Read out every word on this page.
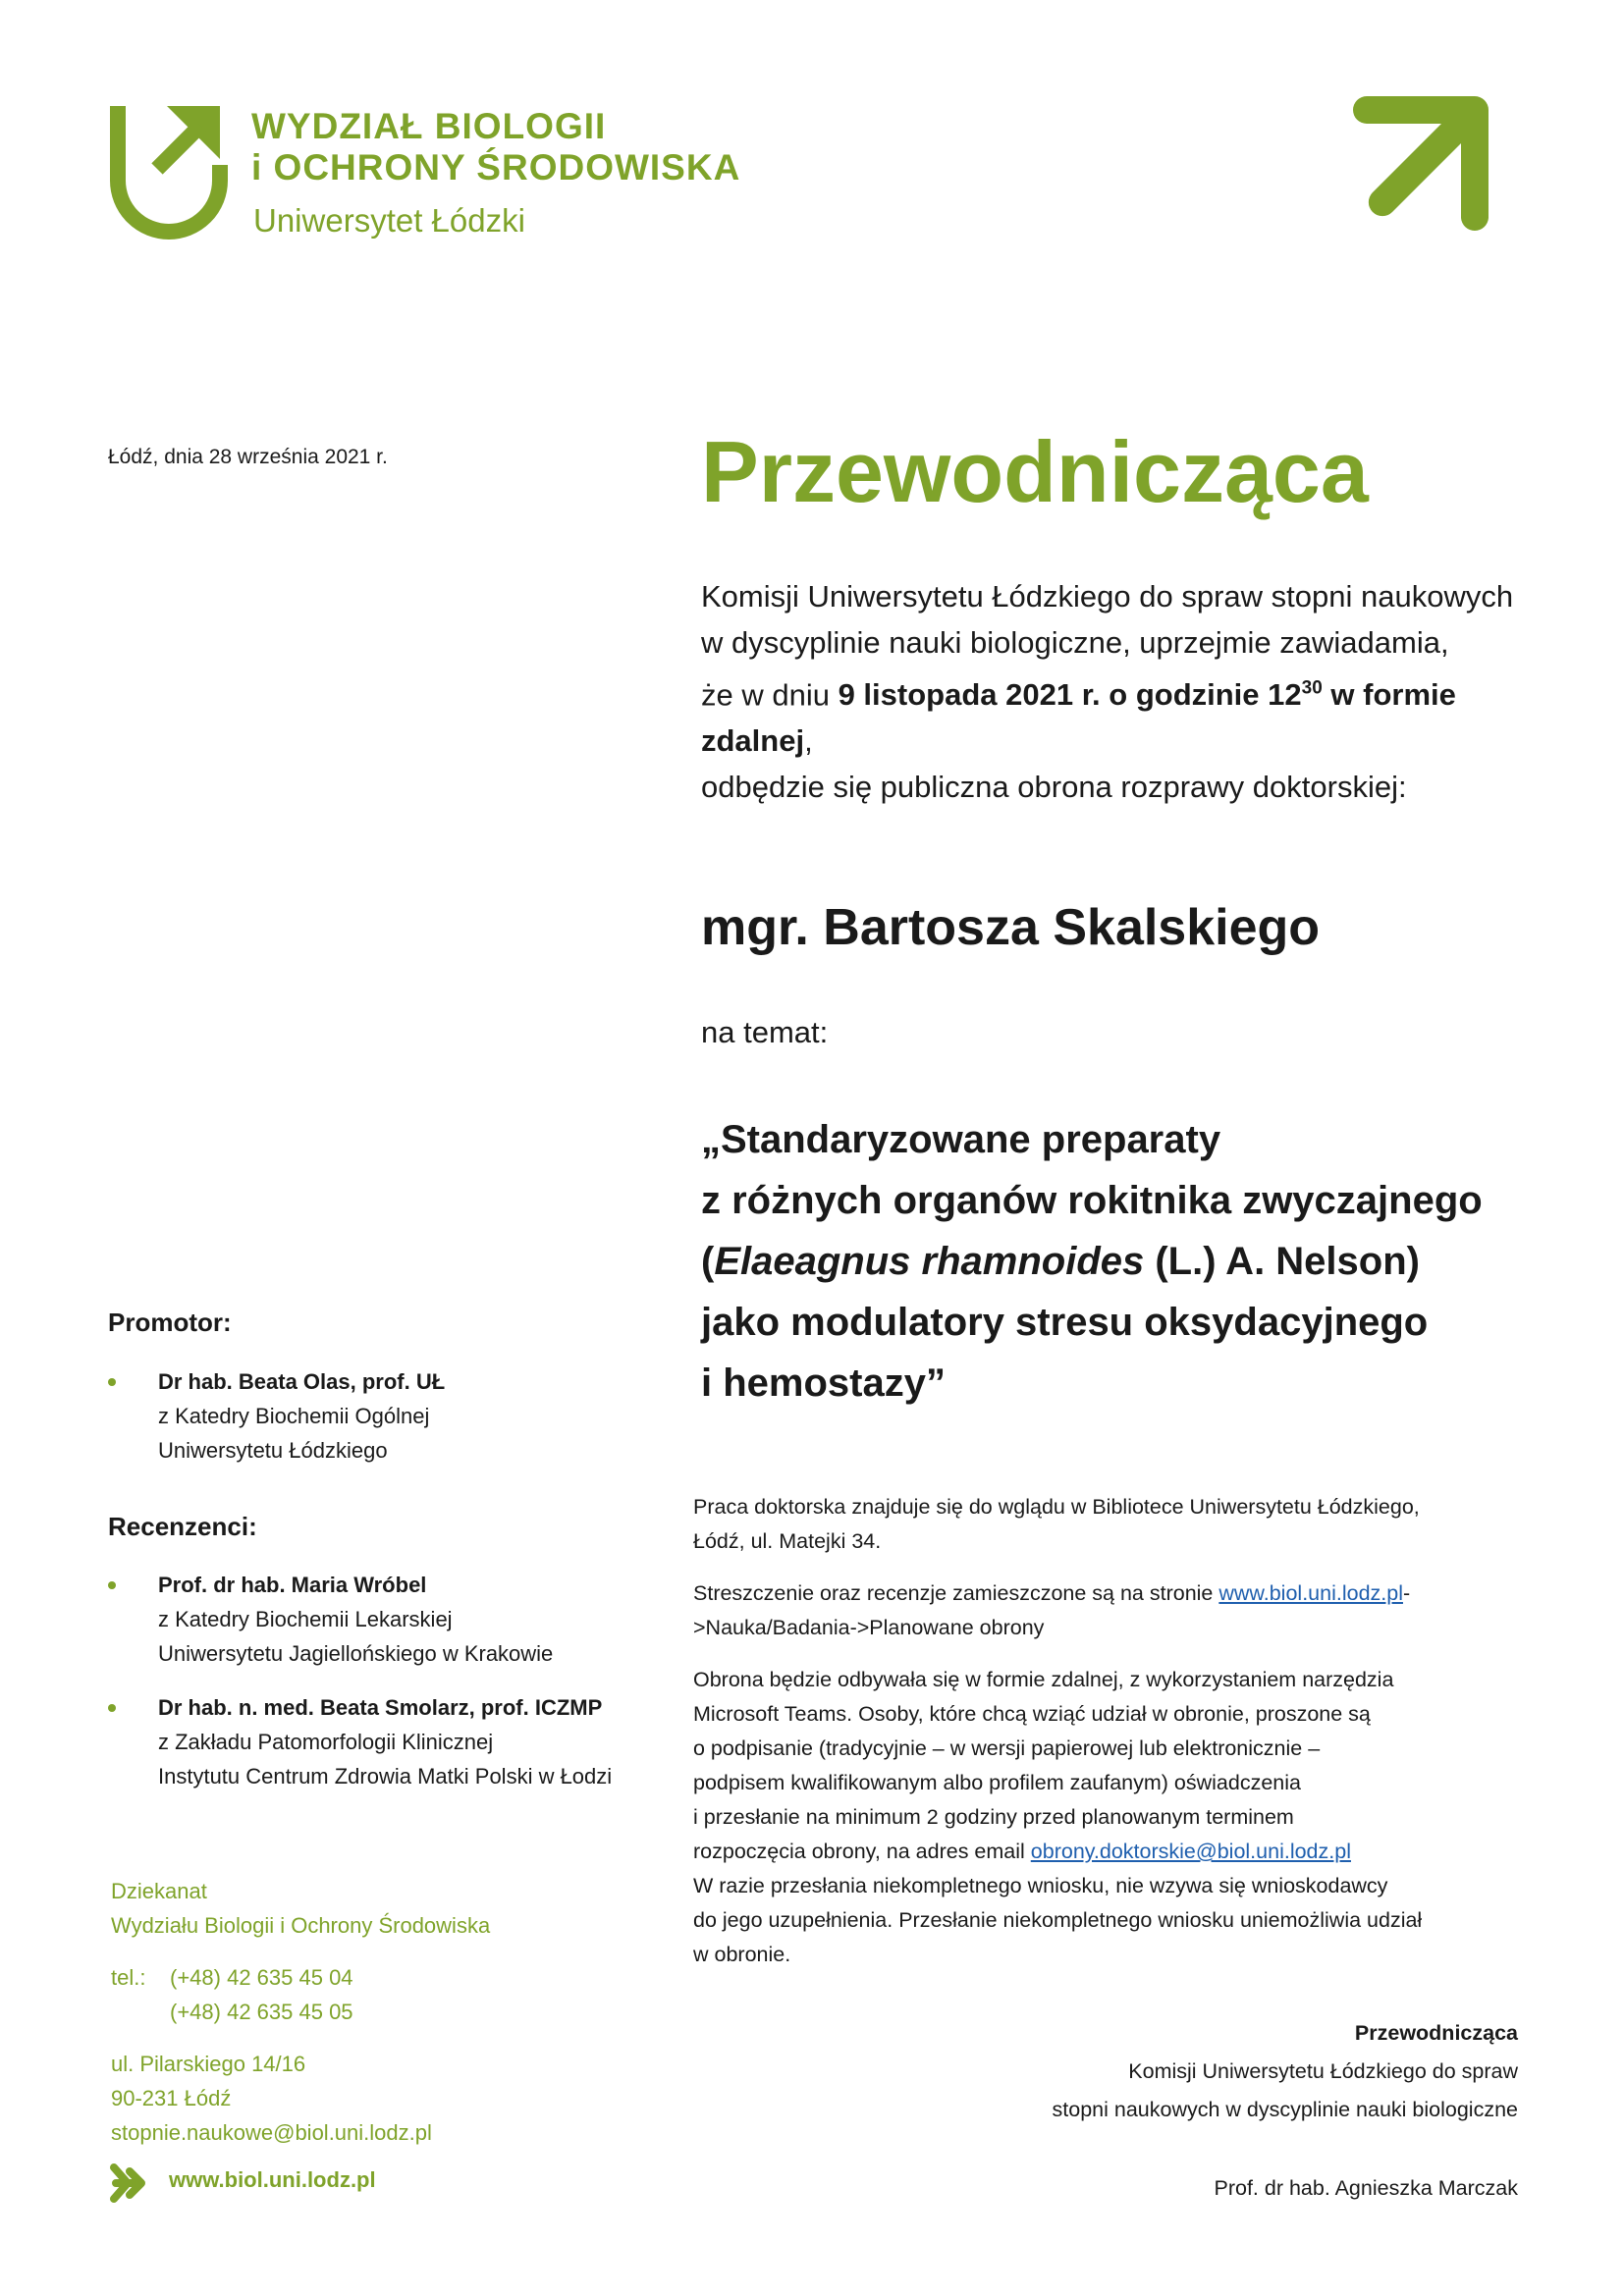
WYDZIAŁ BIOLOGII
i OCHRONY ŚRODOWISKA
Uniwersytet Łódzki
Łódź, dnia 28 września 2021 r.	Przewodnicząca

Komisji Uniwersytetu Łódzkiego do spraw stopni naukowych

w dyscyplinie nauki biologiczne, uprzejmie zawiadamia,

że w dniu 9 listopada 2021 r. o godzinie $12^{30}$ w formie zdalnej,

odbędzie się publiczna obrona rozprawy doktorskiej:

mgr. Bartosza Skalskiego
na temat:
„Standaryzowane preparaty
z różnych organów rokitnika zwyczajnego
(Elaeagnus rhamnoides (L.) A. Nelson)
jako modulatory stresu oksydacyjnego
i hemostazy”
Promotor:
Dr hab. Beata Olas, prof. UŁ
z Katedry Biochemii Ogólnej
Uniwersytetu Łódzkiego
Recenzenci:
Prof. dr hab. Maria Wróbel
z Katedry Biochemii Lekarskiej
Uniwersytetu Jagiellońskiego w Krakowie
Dr hab. n. med. Beata Smolarz, prof. ICZMP
z Zakładu Patomorfologii Klinicznej
Instytutu Centrum Zdrowia Matki Polski w Łodzi

Praca doktorska znajduje się do wglądu w Bibliotece Uniwersytetu Łódzkiego,

Łódź, ul. Matejki 34.

Streszczenie oraz recenzje zamieszczone są na stronie www.biol.uni.lodz.pl-

>Nauka/Badania->Planowane obrony

Obrona będzie odbywała się w formie zdalnej, z wykorzystaniem narzędzia

Microsoft Teams. Osoby, które chcą wziąć udział w obronie, proszone są

o podpisanie (tradycyjnie – w wersji papierowej lub elektronicznie –

podpisem kwalifikowanym albo profilem zaufanym) oświadczenia

i przesłanie na minimum 2 godziny przed planowanym terminem

rozpoczęcia obrony, na adres email obrony.doktorskie@biol.uni.lodz.pl

W razie przesłania niekompletnego wniosku, nie wzywa się wnioskodawcy

do jego uzupełnienia. Przesłanie niekompletnego wniosku uniemożliwia udział

w obronie.

Dziekanat

Wydziału Biologii i Ochrony Środowiska

tel.:	(+48) 42 635 45 04
(+48) 42 635 45 05

ul. Pilarskiego 14/16

90-231 Łódź

stopnie.naukowe@biol.uni.lodz.pl

www.biol.uni.lodz.pl
Przewodnicząca
Komisji Uniwersytetu Łódzkiego do spraw
stopni naukowych w dyscyplinie nauki biologiczne
Prof. dr hab. Agnieszka Marczak
